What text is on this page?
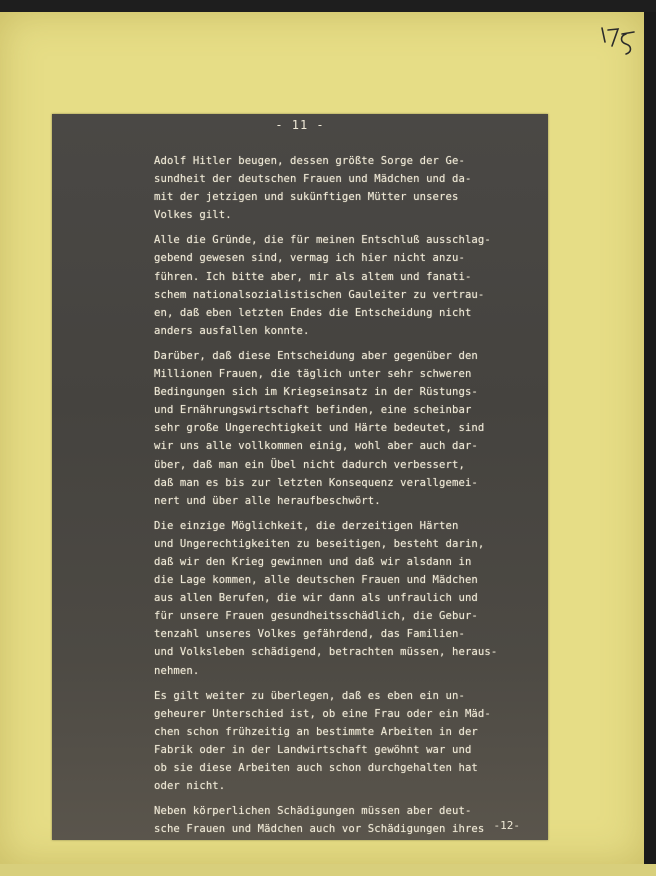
- 11 -

Adolf Hitler beugen, dessen größte Sorge der Ge-
sundheit der deutschen Frauen und Mädchen und da-
mit der jetzigen und sukünftigen Mütter unseres
Volkes gilt.

Alle die Gründe, die für meinen Entschluß ausschlag-
gebend gewesen sind, vermag ich hier nicht anzu-
führen. Ich bitte aber, mir als altem und fanati-
schem nationalsozialistischen Gauleiter zu vertrau-
en, daß eben letzten Endes die Entscheidung nicht
anders ausfallen konnte.

Darüber, daß diese Entscheidung aber gegenüber den
Millionen Frauen, die täglich unter sehr schweren
Bedingungen sich im Kriegseinsatz in der Rüstungs-
und Ernährungswirtschaft befinden, eine scheinbar
sehr große Ungerechtigkeit und Härte bedeutet, sind
wir uns alle vollkommen einig, wohl aber auch dar-
über, daß man ein Übel nicht dadurch verbessert,
daß man es bis zur letzten Konsequenz verallgemei-
nert und über alle heraufbeschwört.

Die einzige Möglichkeit, die derzeitigen Härten
und Ungerechtigkeiten zu beseitigen, besteht darin,
daß wir den Krieg gewinnen und daß wir alsdann in
die Lage kommen, alle deutschen Frauen und Mädchen
aus allen Berufen, die wir dann als unfraulich und
für unsere Frauen gesundheitsschädlich, die Gebur-
tenzahl unseres Volkes gefährdend, das Familien-
und Volksleben schädigend, betrachten müssen, heraus-
nehmen.

Es gilt weiter zu überlegen, daß es eben ein un-
geheurer Unterschied ist, ob eine Frau oder ein Mäd-
chen schon frühzeitig an bestimmte Arbeiten in der
Fabrik oder in der Landwirtschaft gewöhnt war und
ob sie diese Arbeiten auch schon durchgehalten hat
oder nicht.

Neben körperlichen Schädigungen müssen aber deut-
sche Frauen und Mädchen auch vor Schädigungen ihres -12-
